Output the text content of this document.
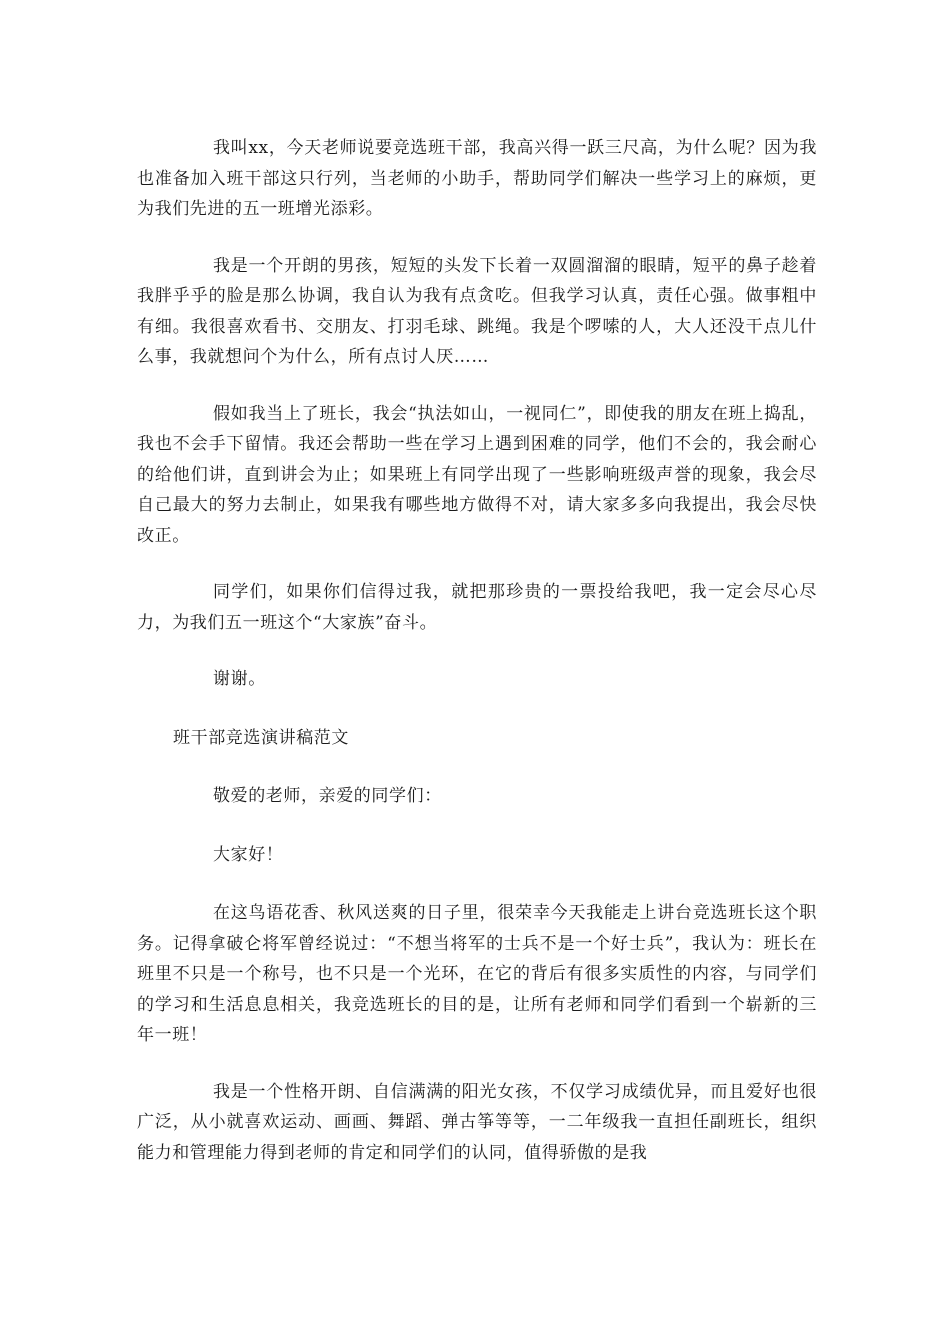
我叫xx，今天老师说要竞选班干部，我高兴得一跃三尺高，为什么呢？因为我也准备加入班干部这只行列，当老师的小助手，帮助同学们解决一些学习上的麻烦，更为我们先进的五一班增光添彩。

我是一个开朗的男孩，短短的头发下长着一双圆溜溜的眼睛，短平的鼻子趁着我胖乎乎的脸是那么协调，我自认为我有点贪吃。但我学习认真，责任心强。做事粗中有细。我很喜欢看书、交朋友、打羽毛球、跳绳。我是个啰嗦的人，大人还没干点儿什么事，我就想问个为什么，所有点讨人厌……

假如我当上了班长，我会“执法如山，一视同仁”，即使我的朋友在班上捣乱，我也不会手下留情。我还会帮助一些在学习上遇到困难的同学，他们不会的，我会耐心的给他们讲，直到讲会为止；如果班上有同学出现了一些影响班级声誉的现象，我会尽自己最大的努力去制止，如果我有哪些地方做得不对，请大家多多向我提出，我会尽快改正。

同学们，如果你们信得过我，就把那珍贵的一票投给我吧，我一定会尽心尽力，为我们五一班这个“大家族”奋斗。

谢谢。

班干部竞选演讲稿范文

敬爱的老师，亲爱的同学们：

大家好！

在这鸟语花香、秋风送爽的日子里，很荣幸今天我能走上讲台竞选班长这个职务。记得拿破仑将军曾经说过：“不想当将军的士兵不是一个好士兵”，我认为：班长在班里不只是一个称号，也不只是一个光环，在它的背后有很多实质性的内容，与同学们的学习和生活息息相关，我竞选班长的目的是，让所有老师和同学们看到一个崭新的三年一班！

我是一个性格开朗、自信满满的阳光女孩，不仅学习成绩优异，而且爱好也很广泛，从小就喜欢运动、画画、舞蹈、弹古筝等等，一二年级我一直担任副班长，组织能力和管理能力得到老师的肯定和同学们的认同，值得骄傲的是我
